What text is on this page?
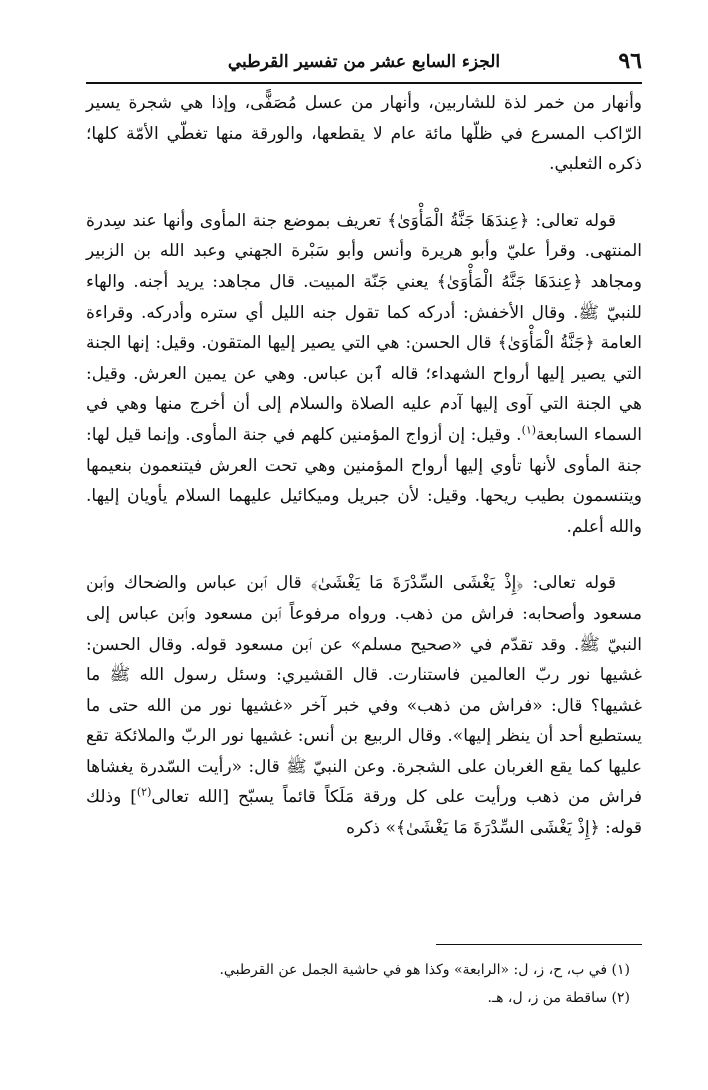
٩٦
الجزء السابع عشر من تفسير القرطبي

وأنهار من خمر لذة للشاربين، وأنهار من عسل مُصَفًّى، وإذا هي شجرة يسير الرّاكب المسرع في ظلّها مائة عام لا يقطعها، والورقة منها تغطّي الأمّة كلها؛ ذكره الثعلبي.

قوله تعالى: ﴿عِندَهَا جَنَّةُ الْمَأْوَىٰ﴾ تعريف بموضع جنة المأوى وأنها عند سِدرة المنتهى. وقرأ عليّ وأبو هريرة وأنس وأبو سَبْرة الجهني وعبد الله بن الزبير ومجاهد ﴿عِندَهَا جَنَّهُ الْمَأْوَىٰ﴾ يعني جَنّة المبيت. قال مجاهد: يريد أجنه. والهاء للنبيّ ﷺ. وقال الأخفش: أدركه كما تقول جنه الليل أي ستره وأدركه. وقراءة العامة ﴿جَنَّةُ الْمَأْوَىٰ﴾ قال الحسن: هي التي يصير إليها المتقون. وقيل: إنها الجنة التي يصير إليها أرواح الشهداء؛ قاله ٱبن عباس. وهي عن يمين العرش. وقيل: هي الجنة التي آوى إليها آدم عليه الصلاة والسلام إلى أن أخرج منها وهي في السماء السابعة$^{(١)}$. وقيل: إن أزواج المؤمنين كلهم في جنة المأوى. وإنما قيل لها: جنة المأوى لأنها تأوي إليها أرواح المؤمنين وهي تحت العرش فيتنعمون بنعيمها ويتنسمون بطيب ريحها. وقيل: لأن جبريل وميكائيل عليهما السلام يأويان إليها. والله أعلم.

قوله تعالى: ﴿إِذْ يَغْشَى السِّدْرَةَ مَا يَغْشَىٰ﴾ قال ٱبن عباس والضحاك وٱبن مسعود وأصحابه: فراش من ذهب. ورواه مرفوعاً ٱبن مسعود وٱبن عباس إلى النبيّ ﷺ. وقد تقدّم في «صحيح مسلم» عن ٱبن مسعود قوله. وقال الحسن: غشيها نور ربّ العالمين فاستنارت. قال القشيري: وسئل رسول الله ﷺ ما غشيها؟ قال: «فراش من ذهب» وفي خبر آخر «غشيها نور من الله حتى ما يستطيع أحد أن ينظر إليها». وقال الربيع بن أنس: غشيها نور الربّ والملائكة تقع عليها كما يقع الغربان على الشجرة. وعن النبيّ ﷺ قال: «رأيت السّدرة يغشاها فراش من ذهب ورأيت على كل ورقة مَلَكاً قائماً يسبّح [الله تعالى$^{(٢)}$] وذلك قوله: ﴿إِذْ يَغْشَى السِّدْرَةَ مَا يَغْشَىٰ﴾» ذكره

(١) في ب، ح، ز، ل: «الرابعة» وكذا هو في حاشية الجمل عن القرطبي.

(٢) ساقطة من ز، ل، هـ.
